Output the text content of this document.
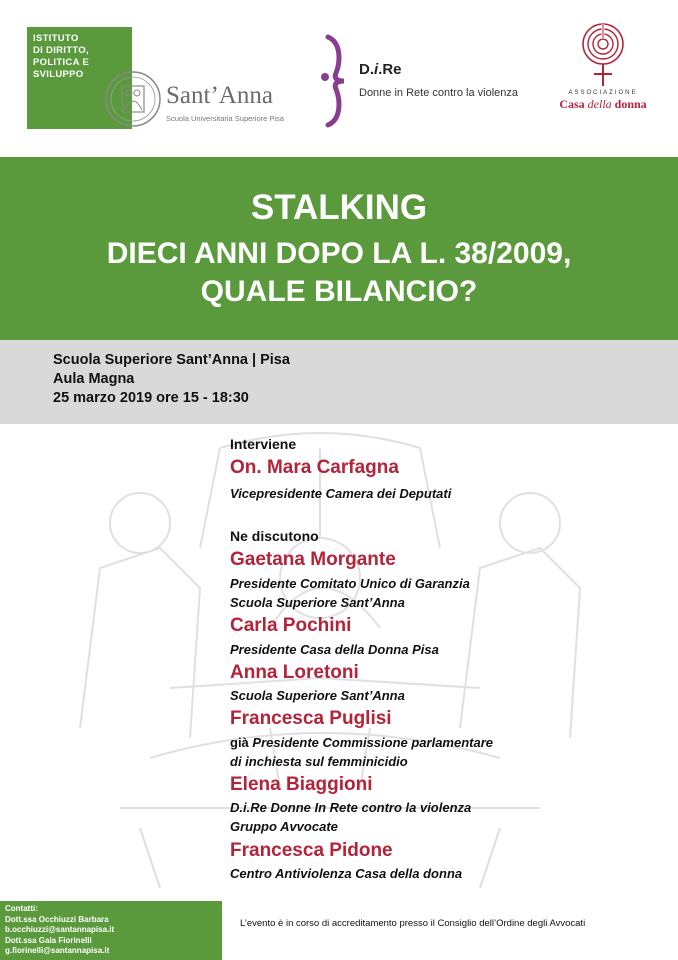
ISTITUTO
DI DIRITTO,
POLITICA E
SVILUPPO
Sant’Anna
Scuola Universitaria Superiore Pisa
D.i.Re
Donne in Rete contro la violenza	ASSOCIAZIONE
Casa della donna
STALKING
DIECI ANNI DOPO LA L. 38/2009,
QUALE BILANCIO?
Scuola Superiore Sant’Anna | Pisa
Aula Magna
25 marzo 2019 ore 15 - 18:30
Interviene
On. Mara Carfagna
Vicepresidente Camera dei Deputati
Ne discutono
Gaetana Morgante
Presidente Comitato Unico di Garanzia
Scuola Superiore Sant’Anna
Carla Pochini
Presidente Casa della Donna Pisa
Anna Loretoni
Scuola Superiore Sant’Anna
Francesca Puglisi
già Presidente Commissione parlamentare
di inchiesta sul femminicidio
Elena Biaggioni
D.i.Re Donne In Rete contro la violenza
Gruppo Avvocate
Francesca Pidone
Centro Antiviolenza Casa della donna
Contatti:
Dott.ssa Occhiuzzi Barbara
b.occhiuzzi@santannapisa.it
Dott.ssa Gaia Fiorinelli
g.fiorinelli@santannapisa.it
L’evento è in corso di accreditamento presso il Consiglio dell’Ordine degli Avvocati
